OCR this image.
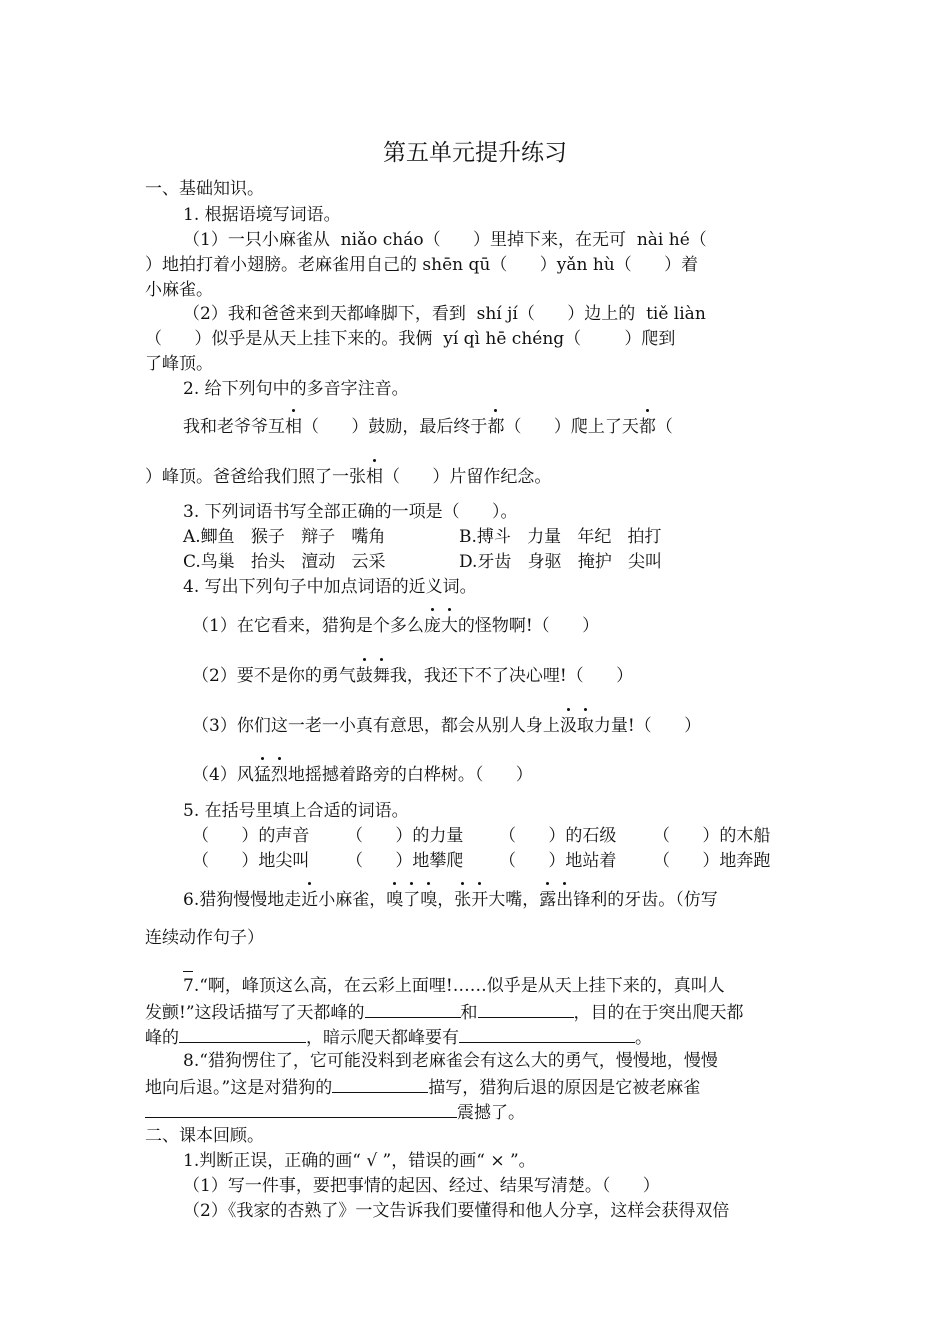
第五单元提升练习
一、基础知识。
1. 根据语境写词语。
（1）一只小麻雀从  niǎo cháo（      ）里掉下来，在无可  nài hé（
）地拍打着小翅膀。老麻雀用自己的 shēn qū（      ）yǎn hù（      ）着
小麻雀。
（2）我和爸爸来到天都峰脚下，看到  shí jí（      ）边上的  tiě liàn
（      ）似乎是从天上挂下来的。我俩  yí qì hē chéng（        ）爬到
了峰顶。
2. 给下列句中的多音字注音。
我和老爷爷互相（      ）鼓励，最后终于都（      ）爬上了天都（
）峰顶。爸爸给我们照了一张相（      ）片留作纪念。
3. 下列词语书写全部正确的一项是（      ）。
A.鲫鱼   猴子   辩子   嘴角	B.搏斗   力量   年纪   拍打
C.鸟巢   抬头   澶动   云采	D.牙齿   身驱   掩护   尖叫
4. 写出下列句子中加点词语的近义词。
（1）在它看来，猎狗是个多么庞大的怪物啊!（      ）
（2）要不是你的勇气鼓舞我，我还下不了决心哩!（      ）
（3）你们这一老一小真有意思，都会从别人身上汲取力量!（      ）
（4）风猛烈地摇撼着路旁的白桦树。（      ）
5. 在括号里填上合适的词语。
（      ）的声音 （      ）的力量 （      ）的石级 （      ）的木船
（      ）地尖叫 （      ）地攀爬 （      ）地站着 （      ）地奔跑
6.猎狗慢慢地走近小麻雀，嗅了嗅，张开大嘴，露出锋利的牙齿。（仿写
连续动作句子）
7.“啊，峰顶这么高，在云彩上面哩!……似乎是从天上挂下来的，真叫人
发颤!”这段话描写了天都峰的	和	，目的在于突出爬天都
峰的	，暗示爬天都峰要有	。
8.“猎狗愣住了，它可能没料到老麻雀会有这么大的勇气，慢慢地，慢慢
地向后退。”这是对猎狗的	描写，猎狗后退的原因是它被老麻雀
震撼了。
二、课本回顾。
1.判断正误，正确的画“ √ ”，错误的画“ × ”。
（1）写一件事，要把事情的起因、经过、结果写清楚。（      ）
（2）《我家的杏熟了》一文告诉我们要懂得和他人分享，这样会获得双倍
